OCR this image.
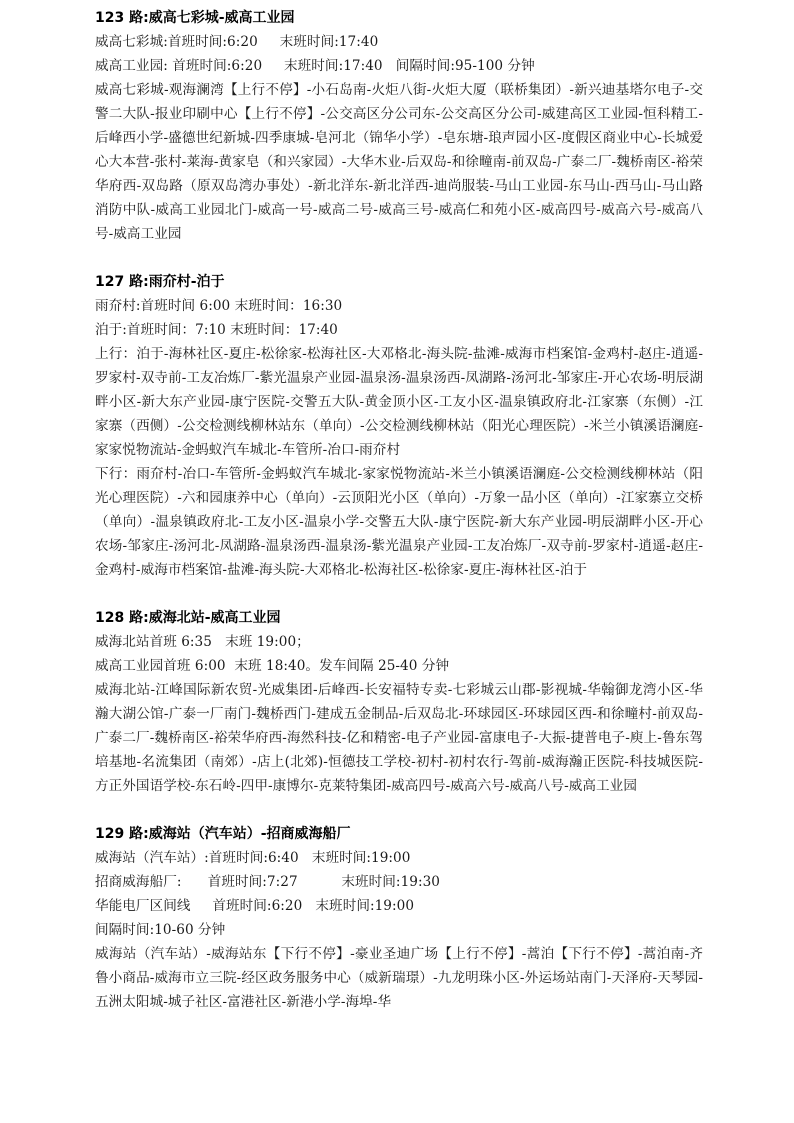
123 路:威高七彩城-威高工业园
威高七彩城:首班时间:6:20     末班时间:17:40
威高工业园: 首班时间:6:20     末班时间:17:40   间隔时间:95-100 分钟
威高七彩城-观海澜湾【上行不停】-小石岛南-火炬八街-火炬大厦（联桥集团）-新兴迪基塔尔电子-交警二大队-报业印刷中心【上行不停】-公交高区分公司东-公交高区分公司-威建高区工业园-恒科精工-后峰西小学-盛德世纪新城-四季康城-皂河北（锦华小学）-皂东塘-琅声园小区-度假区商业中心-长城爱心大本营-张村-莱海-黄家皂（和兴家园）-大华木业-后双岛-和徐疃南-前双岛-广泰二厂-魏桥南区-裕荣华府西-双岛路（原双岛湾办事处）-新北洋东-新北洋西-迪尚服装-马山工业园-东马山-西马山-马山路消防中队-威高工业园北门-威高一号-威高二号-威高三号-威高仁和苑小区-威高四号-威高六号-威高八号-威高工业园
127 路:雨夼村-泊于
雨夼村:首班时间 6:00 末班时间：16:30
泊于:首班时间：7:10 末班时间：17:40
上行：泊于-海林社区-夏庄-松徐家-松海社区-大邓格北-海头院-盐滩-威海市档案馆-金鸡村-赵庄-逍遥-罗家村-双寺前-工友冶炼厂-紫光温泉产业园-温泉汤-温泉汤西-凤湖路-汤河北-邹家庄-开心农场-明辰湖畔小区-新大东产业园-康宁医院-交警五大队-黄金顶小区-工友小区-温泉镇政府北-江家寨（东侧）-江家寨（西侧）-公交检测线柳林站东（单向）-公交检测线柳林站（阳光心理医院）-米兰小镇溪语澜庭-家家悦物流站-金蚂蚁汽车城北-车管所-冶口-雨夼村
下行：雨夼村-冶口-车管所-金蚂蚁汽车城北-家家悦物流站-米兰小镇溪语澜庭-公交检测线柳林站（阳光心理医院）-六和园康养中心（单向）-云顶阳光小区（单向）-万象一品小区（单向）-江家寨立交桥（单向）-温泉镇政府北-工友小区-温泉小学-交警五大队-康宁医院-新大东产业园-明辰湖畔小区-开心农场-邹家庄-汤河北-凤湖路-温泉汤西-温泉汤-紫光温泉产业园-工友冶炼厂-双寺前-罗家村-逍遥-赵庄-金鸡村-威海市档案馆-盐滩-海头院-大邓格北-松海社区-松徐家-夏庄-海林社区-泊于
128 路:威海北站-威高工业园
威海北站首班 6:35   末班 19:00；
威高工业园首班 6:00  末班 18:40。发车间隔 25-40 分钟
威海北站-江峰国际新农贸-光威集团-后峰西-长安福特专卖-七彩城云山郡-影视城-华翰御龙湾小区-华瀚大湖公馆-广泰一厂南门-魏桥西门-建成五金制品-后双岛北-环球园区-环球园区西-和徐疃村-前双岛-广泰二厂-魏桥南区-裕荣华府西-海然科技-亿和精密-电子产业园-富康电子-大振-捷普电子-庾上-鲁东驾培基地-名流集团（南郊）-店上(北郊)-恒德技工学校-初村-初村农行-驾前-威海瀚正医院-科技城医院-方正外国语学校-东石岭-四甲-康博尔-克莱特集团-威高四号-威高六号-威高八号-威高工业园
129 路:威海站（汽车站）-招商威海船厂
威海站（汽车站）:首班时间:6:40   末班时间:19:00
招商威海船厂:      首班时间:7:27          末班时间:19:30
华能电厂区间线     首班时间:6:20   末班时间:19:00
间隔时间:10-60 分钟
威海站（汽车站）-威海站东【下行不停】-豪业圣迪广场【上行不停】-蒿泊【下行不停】-蒿泊南-齐鲁小商品-威海市立三院-经区政务服务中心（威新瑞璟）-九龙明珠小区-外运场站南门-天泽府-天琴园-五洲太阳城-城子社区-富港社区-新港小学-海埠-华
